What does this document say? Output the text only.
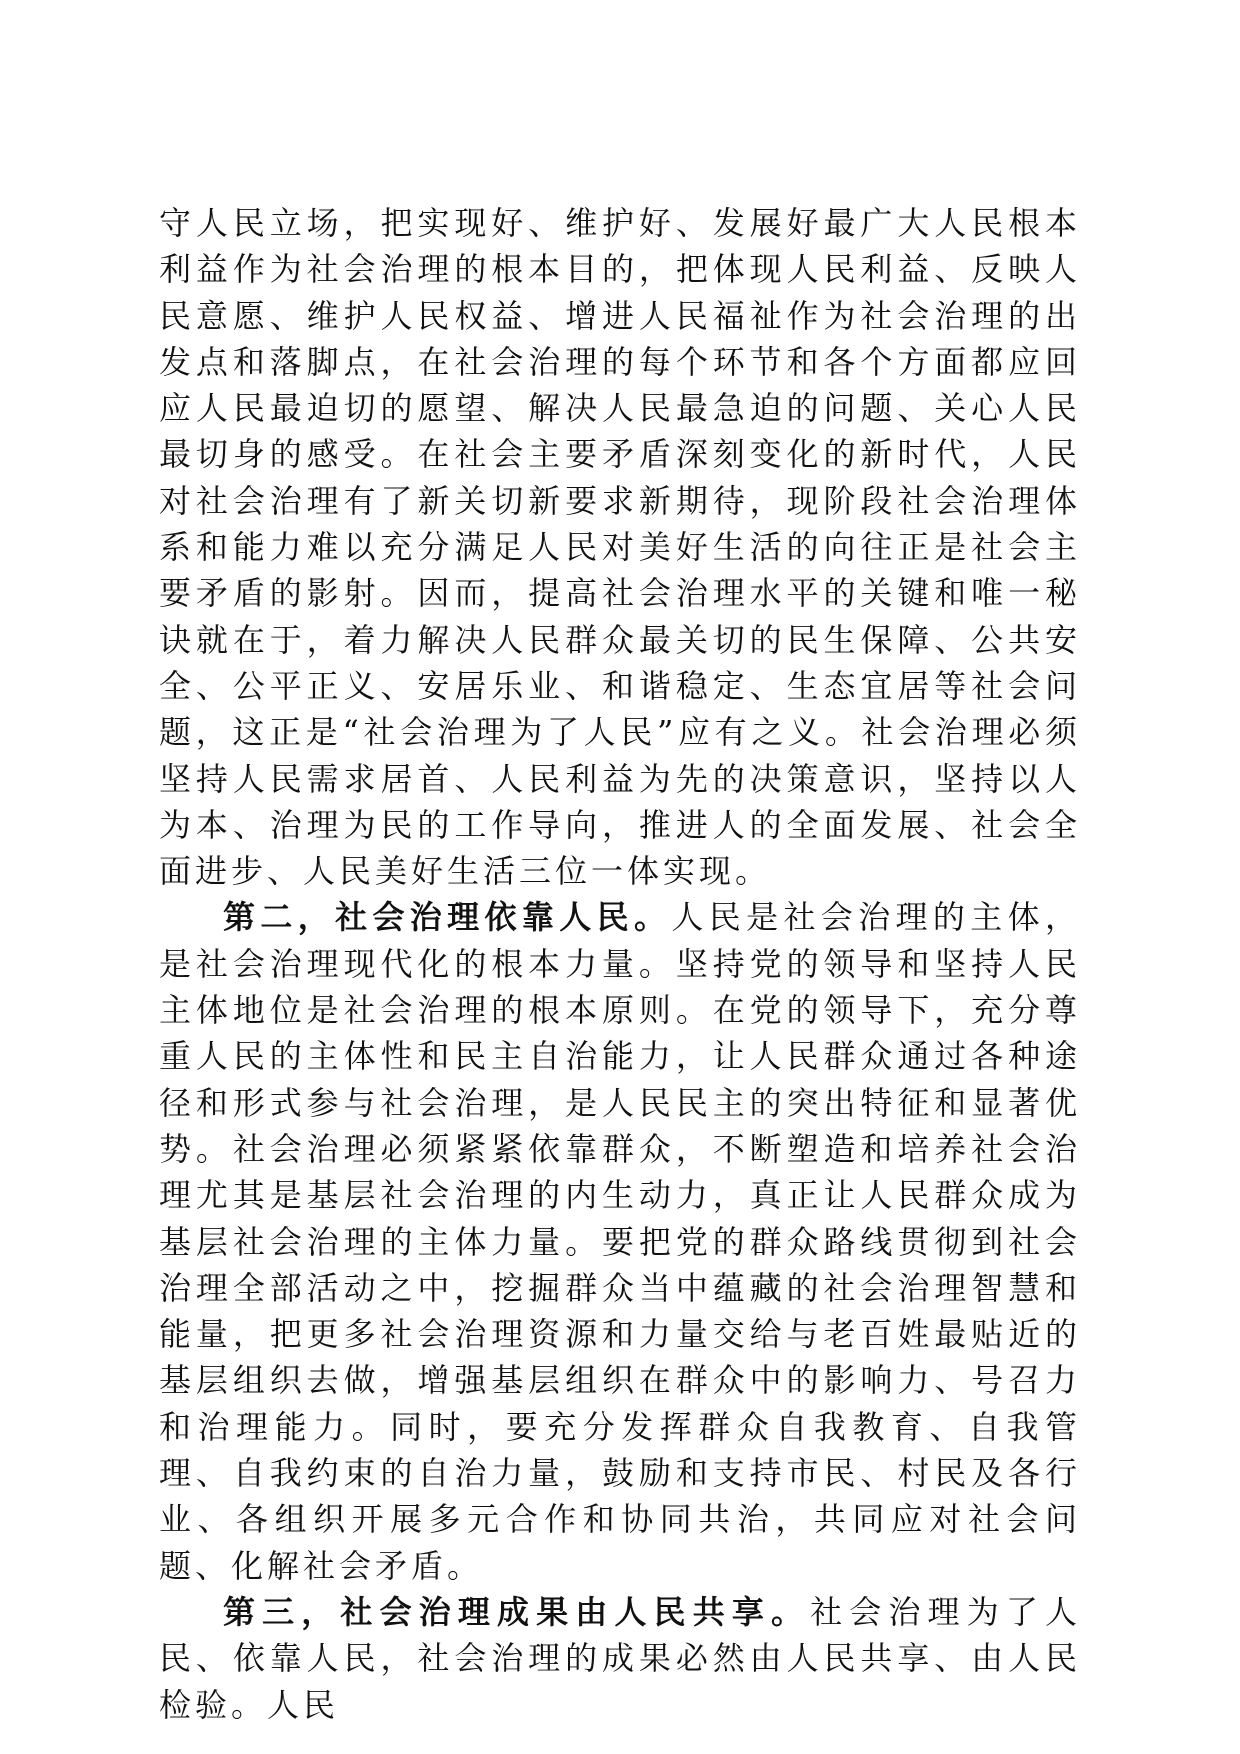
守人民立场，把实现好、维护好、发展好最广大人民根本利益作为社会治理的根本目的，把体现人民利益、反映人民意愿、维护人民权益、增进人民福祉作为社会治理的出发点和落脚点，在社会治理的每个环节和各个方面都应回应人民最迫切的愿望、解决人民最急迫的问题、关心人民最切身的感受。在社会主要矛盾深刻变化的新时代，人民对社会治理有了新关切新要求新期待，现阶段社会治理体系和能力难以充分满足人民对美好生活的向往正是社会主要矛盾的影射。因而，提高社会治理水平的关键和唯一秘诀就在于，着力解决人民群众最关切的民生保障、公共安全、公平正义、安居乐业、和谐稳定、生态宜居等社会问题，这正是“社会治理为了人民”应有之义。社会治理必须坚持人民需求居首、人民利益为先的决策意识，坚持以人为本、治理为民的工作导向，推进人的全面发展、社会全面进步、人民美好生活三位一体实现。

第二，社会治理依靠人民。人民是社会治理的主体，是社会治理现代化的根本力量。坚持党的领导和坚持人民主体地位是社会治理的根本原则。在党的领导下，充分尊重人民的主体性和民主自治能力，让人民群众通过各种途径和形式参与社会治理，是人民民主的突出特征和显著优势。社会治理必须紧紧依靠群众，不断塑造和培养社会治理尤其是基层社会治理的内生动力，真正让人民群众成为基层社会治理的主体力量。要把党的群众路线贯彻到社会治理全部活动之中，挖掘群众当中蕴藏的社会治理智慧和能量，把更多社会治理资源和力量交给与老百姓最贴近的基层组织去做，增强基层组织在群众中的影响力、号召力和治理能力。同时，要充分发挥群众自我教育、自我管理、自我约束的自治力量，鼓励和支持市民、村民及各行业、各组织开展多元合作和协同共治，共同应对社会问题、化解社会矛盾。

第三，社会治理成果由人民共享。社会治理为了人民、依靠人民，社会治理的成果必然由人民共享、由人民检验。人民
